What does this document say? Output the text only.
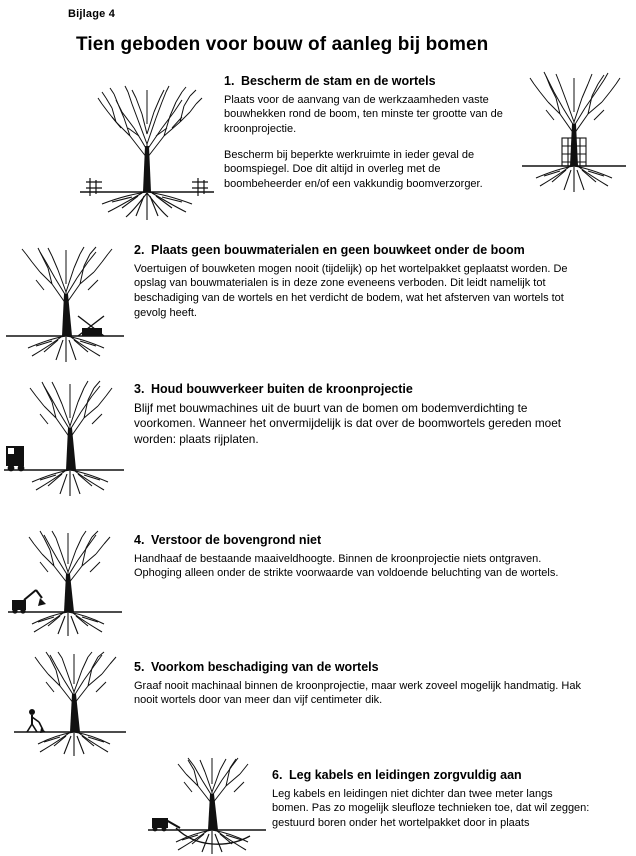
Bijlage 4
Tien geboden voor bouw of aanleg bij bomen
1. Bescherm de stam en de wortels

Plaats voor de aanvang van de werkzaamheden vaste bouwhekken rond de boom, ten minste ter grootte van de kroonprojectie.

Bescherm bij beperkte werkruimte in ieder geval de boomspiegel. Doe dit altijd in overleg met de boombeheerder en/of een vakkundig boomverzorger.

2. Plaats geen bouwmaterialen en geen bouwkeet onder de boom

Voertuigen of bouwketen mogen nooit (tijdelijk) op het wortelpakket geplaatst worden. De opslag van bouwmaterialen is in deze zone eveneens verboden. Dit leidt namelijk tot beschadiging van de wortels en het verdicht de bodem, wat het afsterven van wortels tot gevolg heeft.

3. Houd bouwverkeer buiten de kroonprojectie

Blijf met bouwmachines uit de buurt van de bomen om bodemverdichting te voorkomen. Wanneer het onvermijdelijk is dat over de boomwortels gereden moet worden: plaats rijplaten.

4. Verstoor de bovengrond niet

Handhaaf de bestaande maaiveldhoogte. Binnen de kroonprojectie niets ontgraven. Ophoging alleen onder de strikte voorwaarde van voldoende beluchting van de wortels.

5. Voorkom beschadiging van de wortels

Graaf nooit machinaal binnen de kroonprojectie, maar werk zoveel mogelijk handmatig. Hak nooit wortels door van meer dan vijf centimeter dik.

6. Leg kabels en leidingen zorgvuldig aan

Leg kabels en leidingen niet dichter dan twee meter langs bomen. Pas zo mogelijk sleufloze technieken toe, dat wil zeggen: gestuurd boren onder het wortelpakket door in plaats
